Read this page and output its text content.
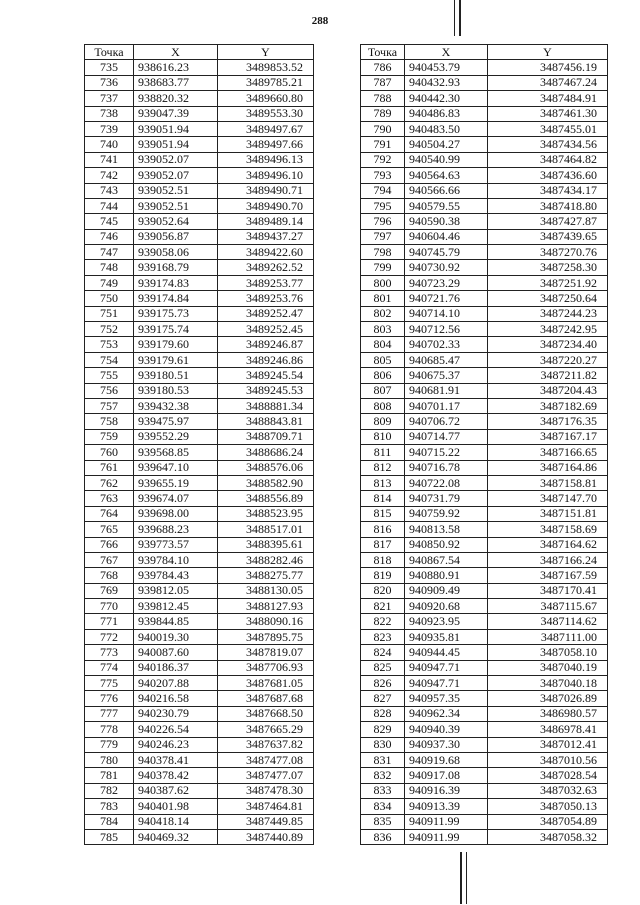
288
Точка	X	Y
735	938616.23	3489853.52
736	938683.77	3489785.21
737	938820.32	3489660.80
738	939047.39	3489553.30
739	939051.94	3489497.67
740	939051.94	3489497.66
741	939052.07	3489496.13
742	939052.07	3489496.10
743	939052.51	3489490.71
744	939052.51	3489490.70
745	939052.64	3489489.14
746	939056.87	3489437.27
747	939058.06	3489422.60
748	939168.79	3489262.52
749	939174.83	3489253.77
750	939174.84	3489253.76
751	939175.73	3489252.47
752	939175.74	3489252.45
753	939179.60	3489246.87
754	939179.61	3489246.86
755	939180.51	3489245.54
756	939180.53	3489245.53
757	939432.38	3488881.34
758	939475.97	3488843.81
759	939552.29	3488709.71
760	939568.85	3488686.24
761	939647.10	3488576.06
762	939655.19	3488582.90
763	939674.07	3488556.89
764	939698.00	3488523.95
765	939688.23	3488517.01
766	939773.57	3488395.61
767	939784.10	3488282.46
768	939784.43	3488275.77
769	939812.05	3488130.05
770	939812.45	3488127.93
771	939844.85	3488090.16
772	940019.30	3487895.75
773	940087.60	3487819.07
774	940186.37	3487706.93
775	940207.88	3487681.05
776	940216.58	3487687.68
777	940230.79	3487668.50
778	940226.54	3487665.29
779	940246.23	3487637.82
780	940378.41	3487477.08
781	940378.42	3487477.07
782	940387.62	3487478.30
783	940401.98	3487464.81
784	940418.14	3487449.85
785	940469.32	3487440.89
Точка	X	Y
786	940453.79	3487456.19
787	940432.93	3487467.24
788	940442.30	3487484.91
789	940486.83	3487461.30
790	940483.50	3487455.01
791	940504.27	3487434.56
792	940540.99	3487464.82
793	940564.63	3487436.60
794	940566.66	3487434.17
795	940579.55	3487418.80
796	940590.38	3487427.87
797	940604.46	3487439.65
798	940745.79	3487270.76
799	940730.92	3487258.30
800	940723.29	3487251.92
801	940721.76	3487250.64
802	940714.10	3487244.23
803	940712.56	3487242.95
804	940702.33	3487234.40
805	940685.47	3487220.27
806	940675.37	3487211.82
807	940681.91	3487204.43
808	940701.17	3487182.69
809	940706.72	3487176.35
810	940714.77	3487167.17
811	940715.22	3487166.65
812	940716.78	3487164.86
813	940722.08	3487158.81
814	940731.79	3487147.70
815	940759.92	3487151.81
816	940813.58	3487158.69
817	940850.92	3487164.62
818	940867.54	3487166.24
819	940880.91	3487167.59
820	940909.49	3487170.41
821	940920.68	3487115.67
822	940923.95	3487114.62
823	940935.81	3487111.00
824	940944.45	3487058.10
825	940947.71	3487040.19
826	940947.71	3487040.18
827	940957.35	3487026.89
828	940962.34	3486980.57
829	940940.39	3486978.41
830	940937.30	3487012.41
831	940919.68	3487010.56
832	940917.08	3487028.54
833	940916.39	3487032.63
834	940913.39	3487050.13
835	940911.99	3487054.89
836	940911.99	3487058.32
